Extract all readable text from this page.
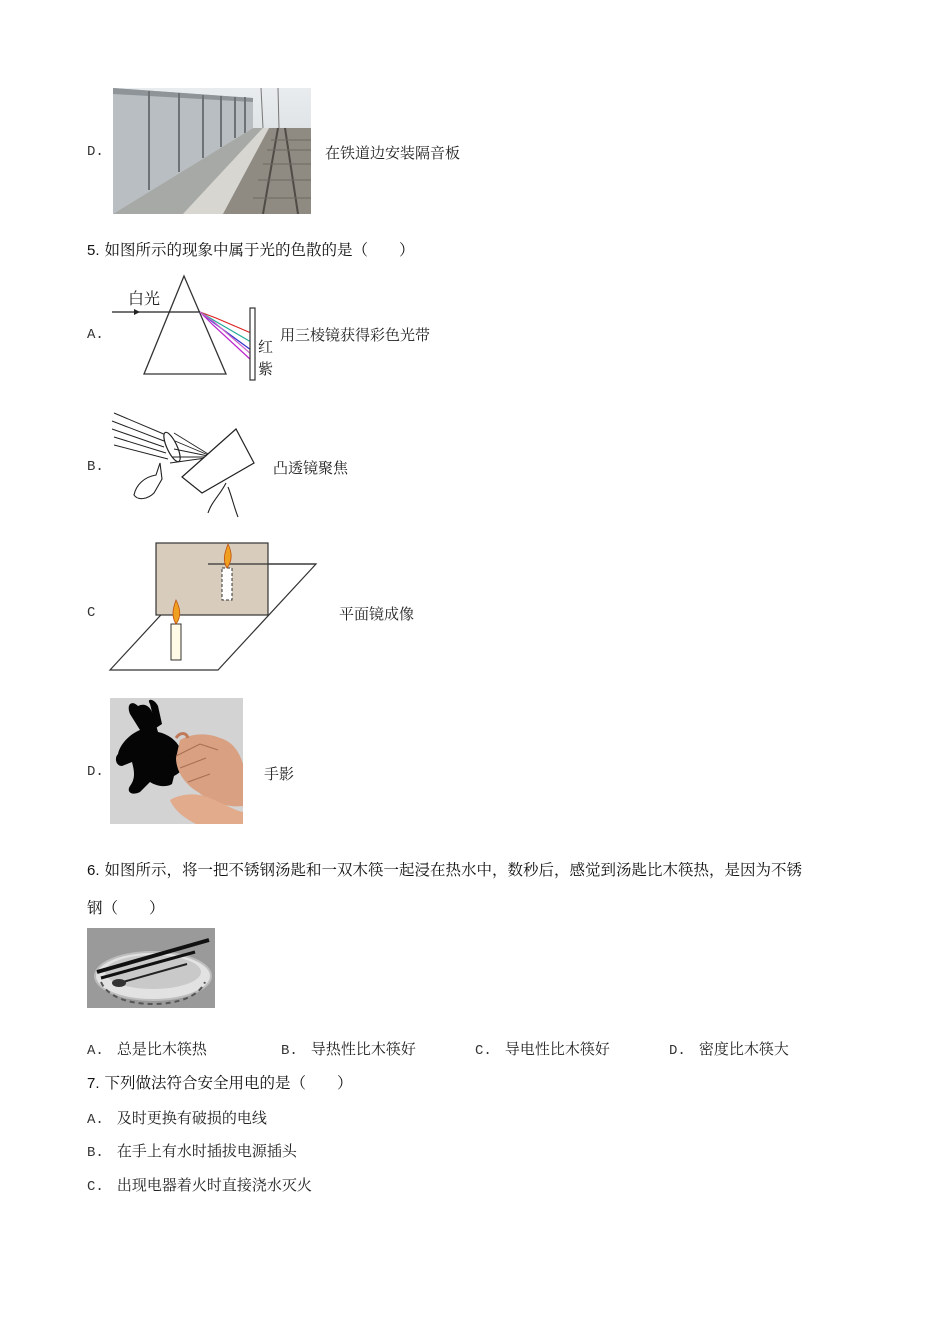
D.	在铁道边安装隔音板
5. 如图所示的现象中属于光的色散的是（　　）
A.
白光
红
紫
用三棱镜获得彩色光带
B.	凸透镜聚焦
C	平面镜成像
D.	手影
6. 如图所示，将一把不锈钢汤匙和一双木筷一起浸在热水中，数秒后，感觉到汤匙比木筷热，是因为不锈
钢（　　）
A. 总是比木筷热	B. 导热性比木筷好	C. 导电性比木筷好	D. 密度比木筷大
7. 下列做法符合安全用电的是（　　）
A. 及时更换有破损的电线
B. 在手上有水时插拔电源插头
C. 出现电器着火时直接浇水灭火
